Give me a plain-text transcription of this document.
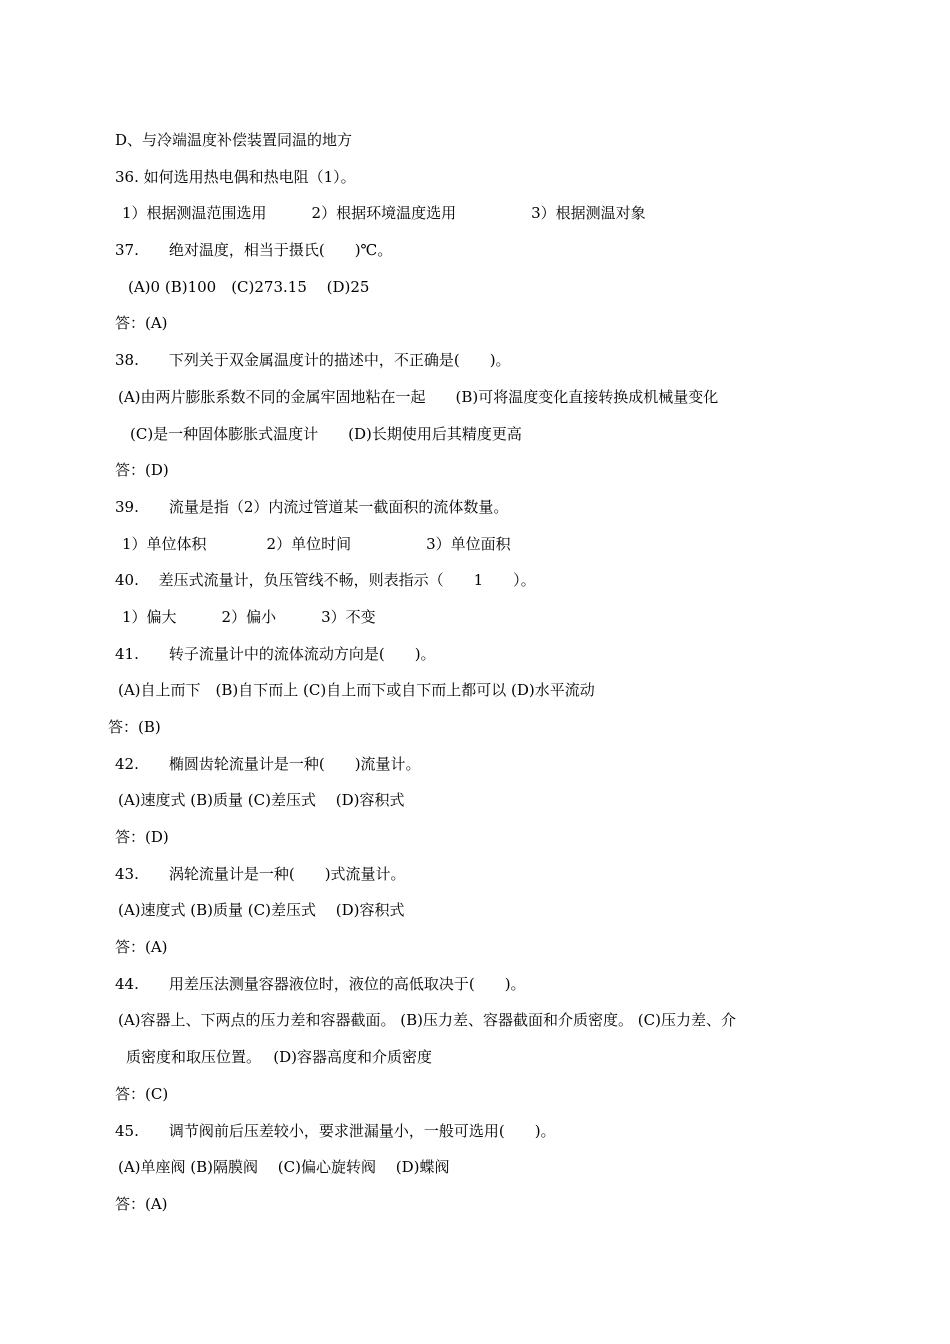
D、与冷端温度补偿装置同温的地方

36. 如何选用热电偶和热电阻（1）。

1）根据测温范围选用　　　2）根据环境温度选用　　　　　3）根据测温对象

37.　　绝对温度，相当于摄氏(　　)℃。

(A)0 (B)100　(C)273.15　 (D)25

答：(A)

38.　　下列关于双金属温度计的描述中，不正确是(　　)。

(A)由两片膨胀系数不同的金属牢固地粘在一起　　(B)可将温度变化直接转换成机械量变化

(C)是一种固体膨胀式温度计　　(D)长期使用后其精度更高

答：(D)

39.　　流量是指（2）内流过管道某一截面积的流体数量。

1）单位体积　　　　2）单位时间　　　　　3）单位面积

40.　 差压式流量计，负压管线不畅，则表指示（　　1　　）。

1）偏大　　　2）偏小　　　3）不变

41.　　转子流量计中的流体流动方向是(　　)。

(A)自上而下　(B)自下而上 (C)自上而下或自下而上都可以 (D)水平流动

答：(B)

42.　　椭圆齿轮流量计是一种(　　)流量计。

(A)速度式 (B)质量 (C)差压式　 (D)容积式

答：(D)

43.　　涡轮流量计是一种(　　)式流量计。

(A)速度式 (B)质量 (C)差压式　 (D)容积式

答：(A)

44.　　用差压法测量容器液位时，液位的高低取决于(　　)。

(A)容器上、下两点的压力差和容器截面。 (B)压力差、容器截面和介质密度。 (C)压力差、介

质密度和取压位置。　 (D)容器高度和介质密度

答：(C)

45.　　调节阀前后压差较小，要求泄漏量小，一般可选用(　　)。

(A)单座阀 (B)隔膜阀　 (C)偏心旋转阀　 (D)蝶阀

答：(A)
